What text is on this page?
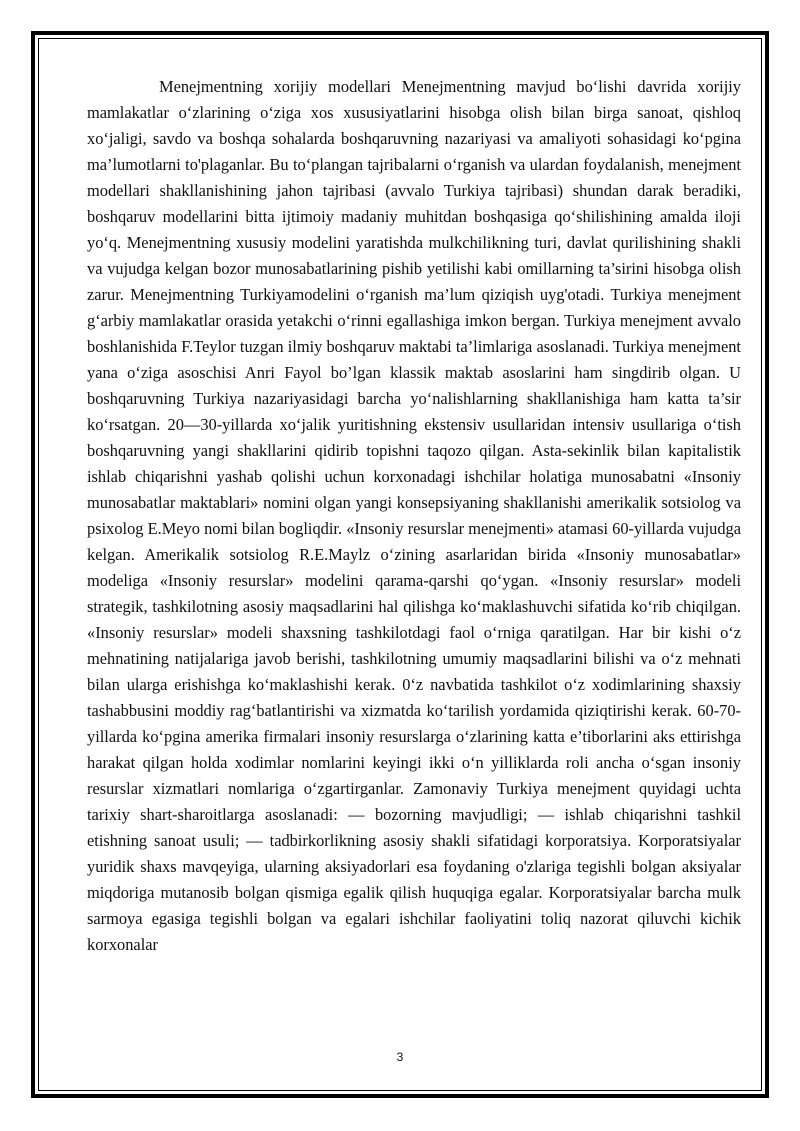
Menejmentning xorijiy modellari Menejmentning mavjud boʻlishi davrida xorijiy mamlakatlar oʻzlarining oʻziga xos xususiyatlarini hisobga olish bilan birga sanoat, qishloq xoʻjaligi, savdo va boshqa sohalarda boshqaruvning nazariyasi va amaliyoti sohasidagi koʻpgina ma’lumotlarni to'plaganlar. Bu toʻplangan tajribalarni oʻrganish va ulardan foydalanish, menejment modellari shakllanishining jahon tajribasi (avvalo Turkiya tajribasi) shundan darak beradiki, boshqaruv modellarini bitta ijtimoiy madaniy muhitdan boshqasiga qoʻshilishining amalda iloji yoʻq. Menejmentning xususiy modelini yaratishda mulkchilikning turi, davlat qurilishining shakli va vujudga kelgan bozor munosabatlarining pishib yetilishi kabi omillarning ta’sirini hisobga olish zarur. Menejmentning Turkiyamodelini oʻrganish ma’lum qiziqish uyg'otadi. Turkiya menejment gʻarbiy mamlakatlar orasida yetakchi oʻrinni egallashiga imkon bergan. Turkiya menejment avvalo boshlanishida F.Teylor tuzgan ilmiy boshqaruv maktabi ta’limlariga asoslanadi. Turkiya menejment yana oʻziga asoschisi Anri Fayol bo’lgan klassik maktab asoslarini ham singdirib olgan. U boshqaruvning Turkiya nazariyasidagi barcha yoʻnalishlarning shakllanishiga ham katta ta’sir koʻrsatgan. 20—30-yillarda xoʻjalik yuritishning ekstensiv usullaridan intensiv usullariga oʻtish boshqaruvning yangi shakllarini qidirib topishni taqozo qilgan. Asta-sekinlik bilan kapitalistik ishlab chiqarishni yashab qolishi uchun korxonadagi ishchilar holatiga munosabatni «Insoniy munosabatlar maktablari» nomini olgan yangi konsepsiyaning shakllanishi amerikalik sotsiolog va psixolog E.Meyo nomi bilan bogliqdir. «Insoniy resurslar menejmenti» atamasi 60-yillarda vujudga kelgan. Amerikalik sotsiolog R.E.Maylz oʻzining asarlaridan birida «Insoniy munosabatlar» modeliga «Insoniy resurslar» modelini qarama-qarshi qoʻygan. «Insoniy resurslar» modeli strategik, tashkilotning asosiy maqsadlarini hal qilishga koʻmaklashuvchi sifatida koʻrib chiqilgan. «Insoniy resurslar» modeli shaxsning tashkilotdagi faol oʻrniga qaratilgan. Har bir kishi oʻz mehnatining natijalariga javob berishi, tashkilotning umumiy maqsadlarini bilishi va oʻz mehnati bilan ularga erishishga koʻmaklashishi kerak. 0ʻz navbatida tashkilot oʻz xodimlarining shaxsiy tashabbusini moddiy ragʻbatlantirishi va xizmatda koʻtarilish yordamida qiziqtirishi kerak. 60-70-yillarda koʻpgina amerika firmalari insoniy resurslarga oʻzlarining katta e’tiborlarini aks ettirishga harakat qilgan holda xodimlar nomlarini keyingi ikki oʻn yilliklarda roli ancha oʻsgan insoniy resurslar xizmatlari nomlariga oʻzgartirganlar. Zamonaviy Turkiya menejment quyidagi uchta tarixiy shart-sharoitlarga asoslanadi: — bozorning mavjudligi; — ishlab chiqarishni tashkil etishning sanoat usuli; — tadbirkorlikning asosiy shakli sifatidagi korporatsiya. Korporatsiyalar yuridik shaxs mavqeyiga, ularning aksiyadorlari esa foydaning o'zlariga tegishli bolgan aksiyalar miqdoriga mutanosib bolgan qismiga egalik qilish huquqiga egalar. Korporatsiyalar barcha mulk sarmoya egasiga tegishli bolgan va egalari ishchilar faoliyatini toliq nazorat qiluvchi kichik korxonalar

3
